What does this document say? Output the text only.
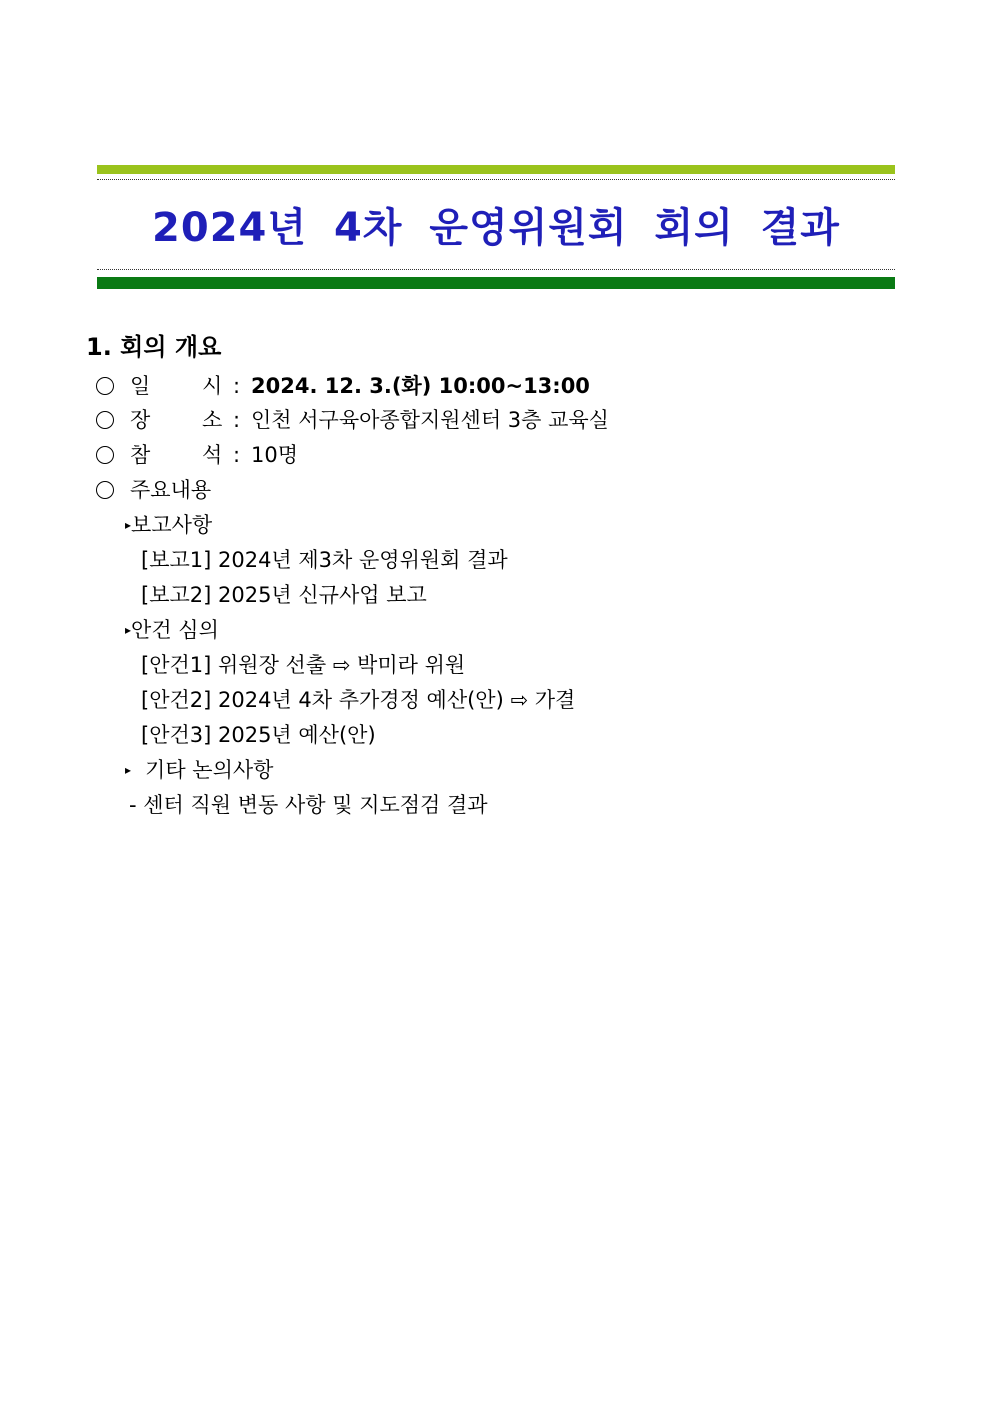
2024년 4차 운영위원회 회의 결과
1. 회의 개요
일 시 : 2024. 12. 3.(화) 10:00~13:00
장 소 : 인천 서구육아종합지원센터 3층 교육실
참 석 : 10명
주요내용
▸보고사항
[보고1] 2024년 제3차 운영위원회 결과
[보고2] 2025년 신규사업 보고
▸안건 심의
[안건1] 위원장 선출 ⇨ 박미라 위원
[안건2] 2024년 4차 추가경정 예산(안) ⇨ 가결
[안건3] 2025년 예산(안)
▸ 기타 논의사항
- 센터 직원 변동 사항 및 지도점검 결과
